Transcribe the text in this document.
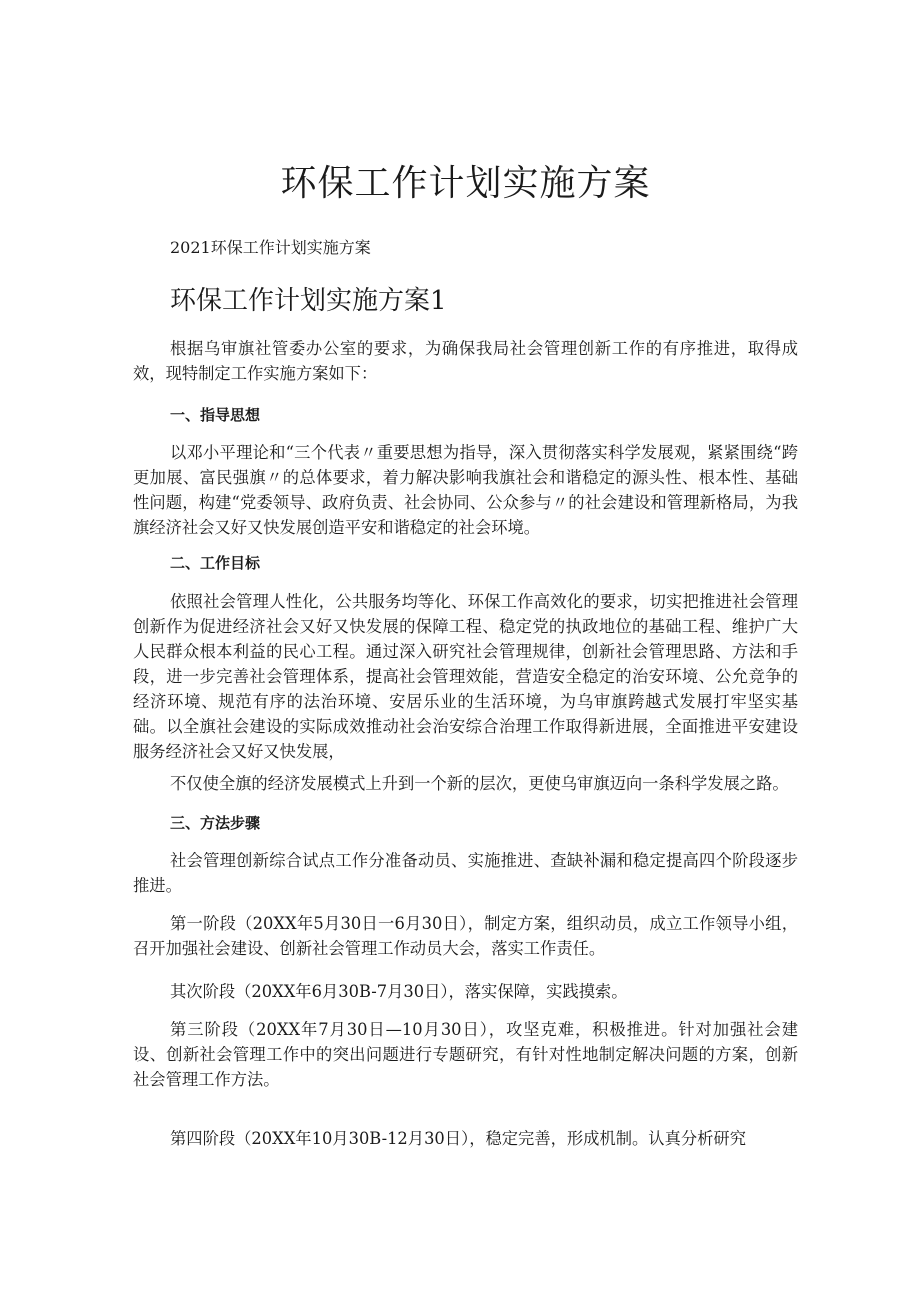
环保工作计划实施方案

2021环保工作计划实施方案

环保工作计划实施方案1

根据乌审旗社管委办公室的要求，为确保我局社会管理创新工作的有序推进，取得成效，现特制定工作实施方案如下：

一、指导思想

以邓小平理论和“三个代表〃重要思想为指导，深入贯彻落实科学发展观，紧紧围绕“跨更加展、富民强旗〃的总体要求，着力解决影响我旗社会和谐稳定的源头性、根本性、基础性问题，构建“党委领导、政府负责、社会协同、公众参与〃的社会建设和管理新格局，为我旗经济社会又好又快发展创造平安和谐稳定的社会环境。

二、工作目标

依照社会管理人性化，公共服务均等化、环保工作高效化的要求，切实把推进社会管理创新作为促进经济社会又好又快发展的保障工程、稳定党的执政地位的基础工程、维护广大人民群众根本利益的民心工程。通过深入研究社会管理规律，创新社会管理思路、方法和手段，进一步完善社会管理体系，提高社会管理效能，营造安全稳定的治安环境、公允竞争的经济环境、规范有序的法治环境、安居乐业的生活环境，为乌审旗跨越式发展打牢坚实基础。以全旗社会建设的实际成效推动社会治安综合治理工作取得新进展，全面推进平安建设服务经济社会又好又快发展，

不仅使全旗的经济发展模式上升到一个新的层次，更使乌审旗迈向一条科学发展之路。

三、方法步骤

社会管理创新综合试点工作分准备动员、实施推进、查缺补漏和稳定提高四个阶段逐步推进。

第一阶段（20XX年5月30日一6月30日），制定方案，组织动员，成立工作领导小组，召开加强社会建设、创新社会管理工作动员大会，落实工作责任。

其次阶段（20XX年6月30B-7月30日），落实保障，实践摸索。

第三阶段（20XX年7月30日—10月30日），攻坚克难，积极推进。针对加强社会建设、创新社会管理工作中的突出问题进行专题研究，有针对性地制定解决问题的方案，创新社会管理工作方法。

第四阶段（20XX年10月30B-12月30日），稳定完善，形成机制。认真分析研究
